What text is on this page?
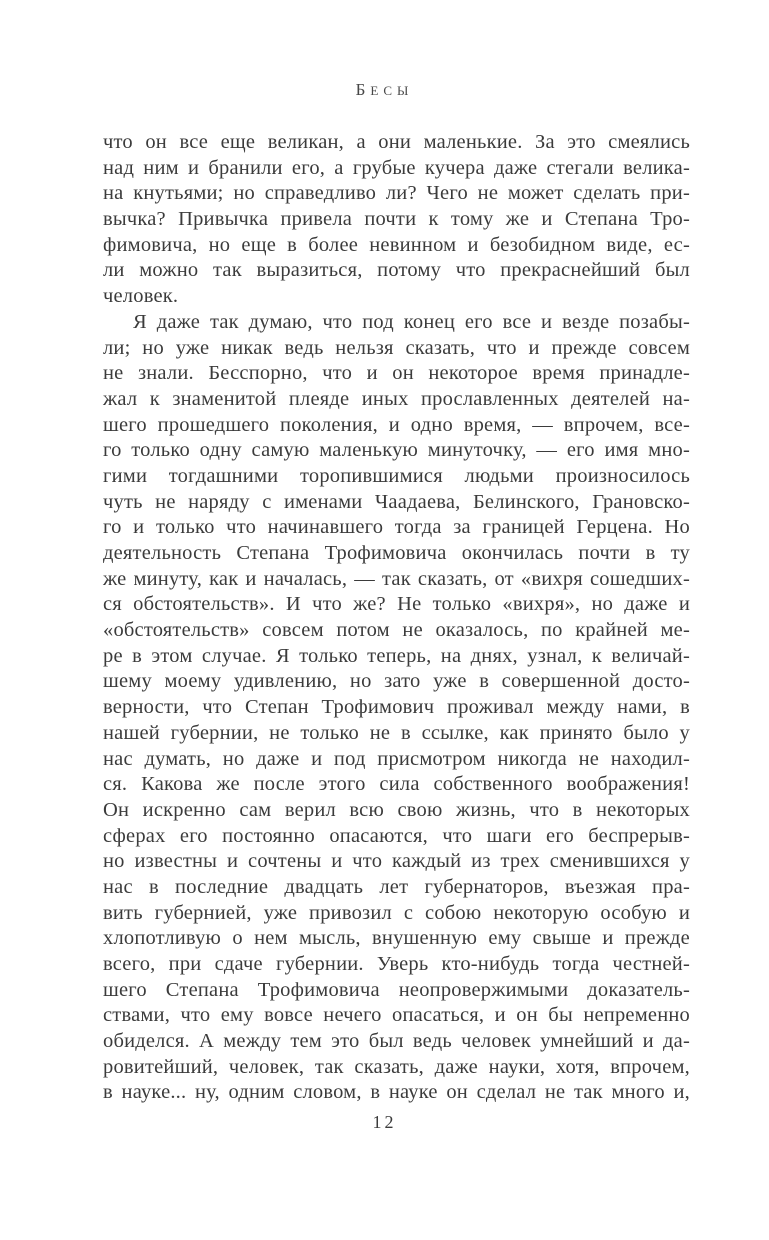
БЕСЫ
что он все еще великан, а они маленькие. За это смеялись
над ним и бранили его, а грубые кучера даже стегали велика-
на кнутьями; но справедливо ли? Чего не может сделать при-
вычка? Привычка привела почти к тому же и Степана Тро-
фимовича, но еще в более невинном и безобидном виде, ес-
ли можно так выразиться, потому что прекраснейший был
человек.
Я даже так думаю, что под конец его все и везде позабы-
ли; но уже никак ведь нельзя сказать, что и прежде совсем
не знали. Бесспорно, что и он некоторое время принадле-
жал к знаменитой плеяде иных прославленных деятелей на-
шего прошедшего поколения, и одно время, — впрочем, все-
го только одну самую маленькую минуточку, — его имя мно-
гими тогдашними торопившимися людьми произносилось
чуть не наряду с именами Чаадаева, Белинского, Грановско-
го и только что начинавшего тогда за границей Герцена. Но
деятельность Степана Трофимовича окончилась почти в ту
же минуту, как и началась, — так сказать, от «вихря сошедших-
ся обстоятельств». И что же? Не только «вихря», но даже и
«обстоятельств» совсем потом не оказалось, по крайней ме-
ре в этом случае. Я только теперь, на днях, узнал, к величай-
шему моему удивлению, но зато уже в совершенной досто-
верности, что Степан Трофимович проживал между нами, в
нашей губернии, не только не в ссылке, как принято было у
нас думать, но даже и под присмотром никогда не находил-
ся. Какова же после этого сила собственного воображения!
Он искренно сам верил всю свою жизнь, что в некоторых
сферах его постоянно опасаются, что шаги его беспрерыв-
но известны и сочтены и что каждый из трех сменившихся у
нас в последние двадцать лет губернаторов, въезжая пра-
вить губернией, уже привозил с собою некоторую особую и
хлопотливую о нем мысль, внушенную ему свыше и прежде
всего, при сдаче губернии. Уверь кто-нибудь тогда честней-
шего Степана Трофимовича неопровержимыми доказатель-
ствами, что ему вовсе нечего опасаться, и он бы непременно
обиделся. А между тем это был ведь человек умнейший и да-
ровитейший, человек, так сказать, даже науки, хотя, впрочем,
в науке... ну, одним словом, в науке он сделал не так много и,
12
